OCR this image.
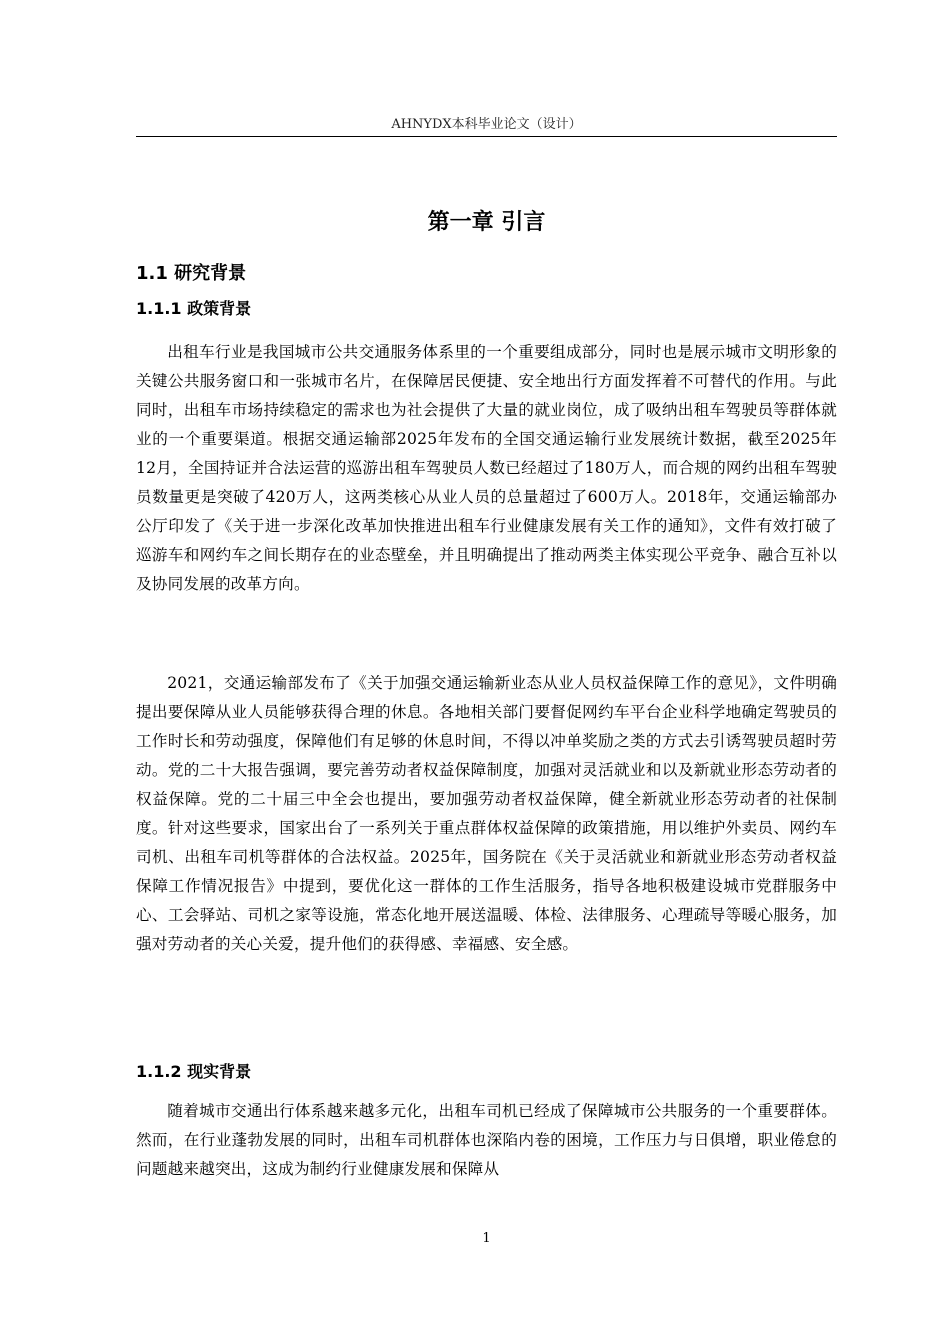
AHNYDX本科毕业论文（设计）
第一章 引言
1.1 研究背景
1.1.1 政策背景

出租车行业是我国城市公共交通服务体系里的一个重要组成部分，同时也是展示城市文明形象的关键公共服务窗口和一张城市名片，在保障居民便捷、安全地出行方面发挥着不可替代的作用。与此同时，出租车市场持续稳定的需求也为社会提供了大量的就业岗位，成了吸纳出租车驾驶员等群体就业的一个重要渠道。根据交通运输部2025年发布的全国交通运输行业发展统计数据，截至2025年12月，全国持证并合法运营的巡游出租车驾驶员人数已经超过了180万人，而合规的网约出租车驾驶员数量更是突破了420万人，这两类核心从业人员的总量超过了600万人。2018年，交通运输部办公厅印发了《关于进一步深化改革加快推进出租车行业健康发展有关工作的通知》，文件有效打破了巡游车和网约车之间长期存在的业态壁垒，并且明确提出了推动两类主体实现公平竞争、融合互补以及协同发展的改革方向。

2021，交通运输部发布了《关于加强交通运输新业态从业人员权益保障工作的意见》，文件明确提出要保障从业人员能够获得合理的休息。各地相关部门要督促网约车平台企业科学地确定驾驶员的工作时长和劳动强度，保障他们有足够的休息时间，不得以冲单奖励之类的方式去引诱驾驶员超时劳动。党的二十大报告强调，要完善劳动者权益保障制度，加强对灵活就业和以及新就业形态劳动者的权益保障。党的二十届三中全会也提出，要加强劳动者权益保障，健全新就业形态劳动者的社保制度。针对这些要求，国家出台了一系列关于重点群体权益保障的政策措施，用以维护外卖员、网约车司机、出租车司机等群体的合法权益。2025年，国务院在《关于灵活就业和新就业形态劳动者权益保障工作情况报告》中提到，要优化这一群体的工作生活服务，指导各地积极建设城市党群服务中心、工会驿站、司机之家等设施，常态化地开展送温暖、体检、法律服务、心理疏导等暖心服务，加强对劳动者的关心关爱，提升他们的获得感、幸福感、安全感。

1.1.2 现实背景

随着城市交通出行体系越来越多元化，出租车司机已经成了保障城市公共服务的一个重要群体。然而，在行业蓬勃发展的同时，出租车司机群体也深陷内卷的困境，工作压力与日俱增，职业倦怠的问题越来越突出，这成为制约行业健康发展和保障从

1
